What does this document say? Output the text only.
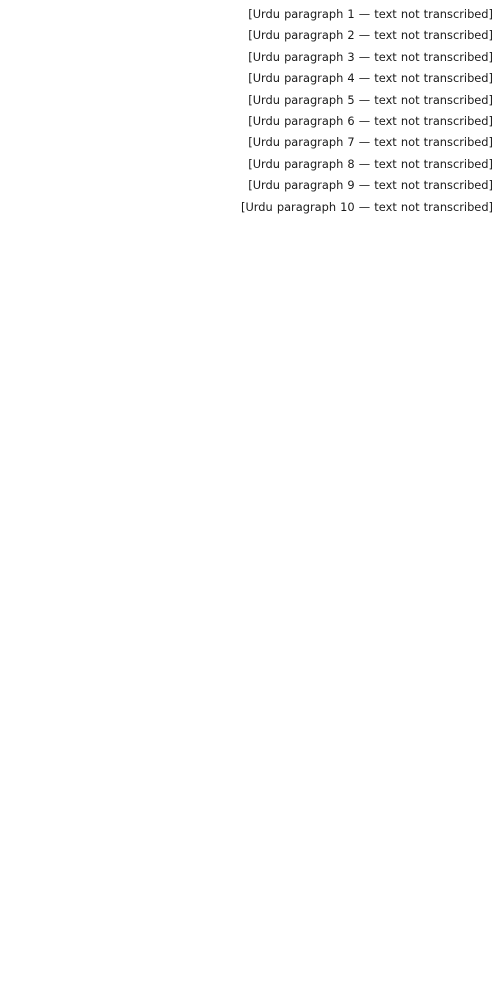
[Urdu paragraph 1 — text not transcribed]

[Urdu paragraph 2 — text not transcribed]

[Urdu paragraph 3 — text not transcribed]

[Urdu paragraph 4 — text not transcribed]

[Urdu paragraph 5 — text not transcribed]

[Urdu paragraph 6 — text not transcribed]

[Urdu paragraph 7 — text not transcribed]

[Urdu paragraph 8 — text not transcribed]

[Urdu paragraph 9 — text not transcribed]

[Urdu paragraph 10 — text not transcribed]
